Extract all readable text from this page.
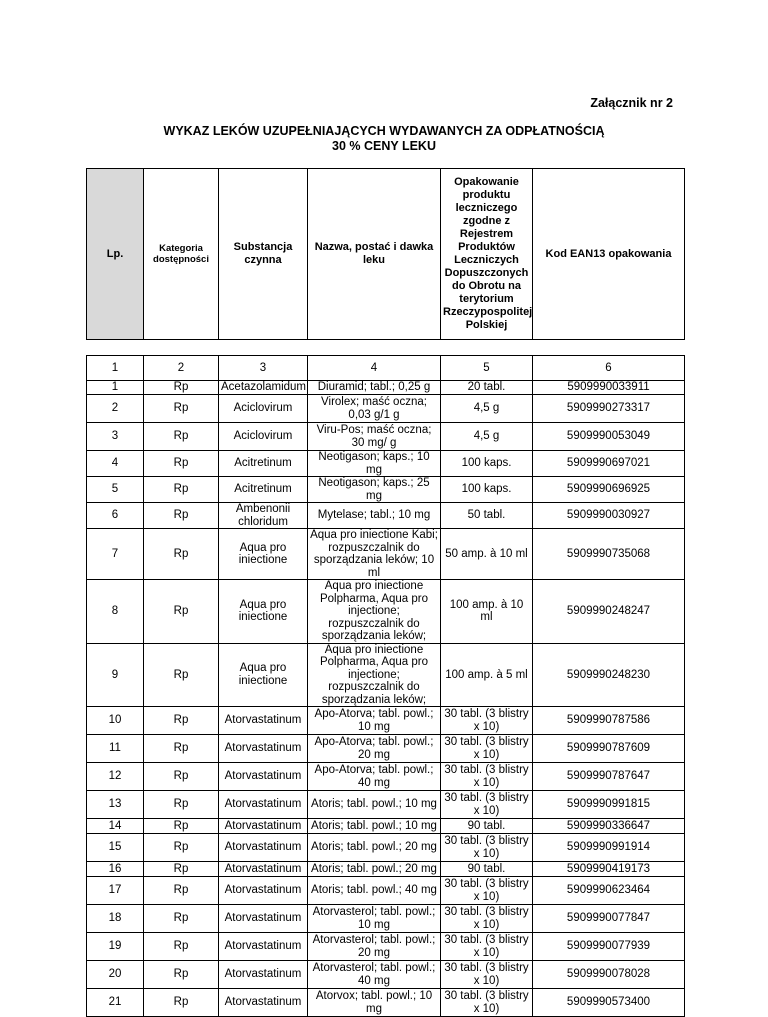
Załącznik nr 2
WYKAZ LEKÓW UZUPEŁNIAJĄCYCH WYDAWANYCH ZA ODPŁATNOŚCIĄ
30 % CENY LEKU
Lp.	Kategoria dostępności	Substancja czynna	Nazwa, postać i dawka leku	Opakowanie produktu leczniczego zgodne z Rejestrem Produktów Leczniczych Dopuszczonych do Obrotu na terytorium Rzeczypospolitej Polskiej	Kod EAN13 opakowania
1	2	3	4	5	6
1	Rp	Acetazolamidum	Diuramid; tabl.; 0,25 g	20 tabl.	5909990033911
2	Rp	Aciclovirum	Virolex; maść oczna; 0,03 g/1 g	4,5 g	5909990273317
3	Rp	Aciclovirum	Viru-Pos; maść oczna; 30 mg/ g	4,5 g	5909990053049
4	Rp	Acitretinum	Neotigason; kaps.; 10 mg	100 kaps.	5909990697021
5	Rp	Acitretinum	Neotigason; kaps.; 25 mg	100 kaps.	5909990696925
6	Rp	Ambenonii chloridum	Mytelase; tabl.; 10 mg	50 tabl.	5909990030927
7	Rp	Aqua pro iniectione	Aqua pro iniectione Kabi; rozpuszczalnik do sporządzania leków; 10 ml	50 amp. à 10 ml	5909990735068
8	Rp	Aqua pro iniectione	Aqua pro iniectione Polpharma, Aqua pro injectione; rozpuszczalnik do sporządzania leków;	100 amp. à 10 ml	5909990248247
9	Rp	Aqua pro iniectione	Aqua pro iniectione Polpharma, Aqua pro injectione; rozpuszczalnik do sporządzania leków;	100 amp. à 5 ml	5909990248230
10	Rp	Atorvastatinum	Apo-Atorva; tabl. powl.; 10 mg	30 tabl. (3 blistry x 10)	5909990787586
11	Rp	Atorvastatinum	Apo-Atorva; tabl. powl.; 20 mg	30 tabl. (3 blistry x 10)	5909990787609
12	Rp	Atorvastatinum	Apo-Atorva; tabl. powl.; 40 mg	30 tabl. (3 blistry x 10)	5909990787647
13	Rp	Atorvastatinum	Atoris; tabl. powl.; 10 mg	30 tabl. (3 blistry x 10)	5909990991815
14	Rp	Atorvastatinum	Atoris; tabl. powl.; 10 mg	90 tabl.	5909990336647
15	Rp	Atorvastatinum	Atoris; tabl. powl.; 20 mg	30 tabl. (3 blistry x 10)	5909990991914
16	Rp	Atorvastatinum	Atoris; tabl. powl.; 20 mg	90 tabl.	5909990419173
17	Rp	Atorvastatinum	Atoris; tabl. powl.; 40 mg	30 tabl. (3 blistry x 10)	5909990623464
18	Rp	Atorvastatinum	Atorvasterol; tabl. powl.; 10 mg	30 tabl. (3 blistry x 10)	5909990077847
19	Rp	Atorvastatinum	Atorvasterol; tabl. powl.; 20 mg	30 tabl. (3 blistry x 10)	5909990077939
20	Rp	Atorvastatinum	Atorvasterol; tabl. powl.; 40 mg	30 tabl. (3 blistry x 10)	5909990078028
21	Rp	Atorvastatinum	Atorvox; tabl. powl.; 10 mg	30 tabl. (3 blistry x 10)	5909990573400
